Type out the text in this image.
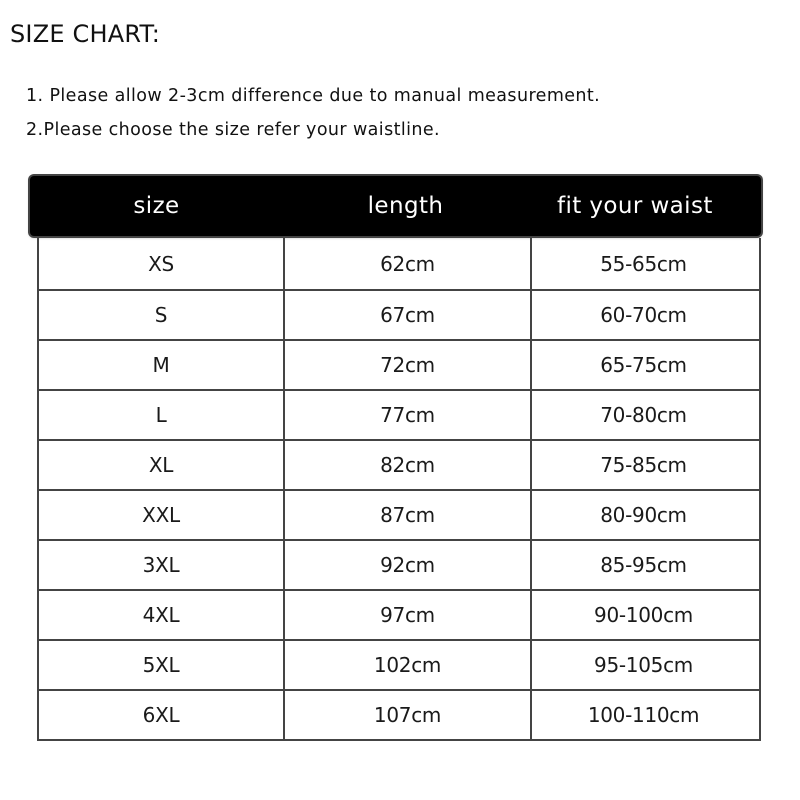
SIZE CHART:
1. Please allow 2-3cm difference due to manual measurement.
2.Please choose the size refer your waistline.
size	length	fit your waist
XS	62cm	55-65cm
S	67cm	60-70cm
M	72cm	65-75cm
L	77cm	70-80cm
XL	82cm	75-85cm
XXL	87cm	80-90cm
3XL	92cm	85-95cm
4XL	97cm	90-100cm
5XL	102cm	95-105cm
6XL	107cm	100-110cm
